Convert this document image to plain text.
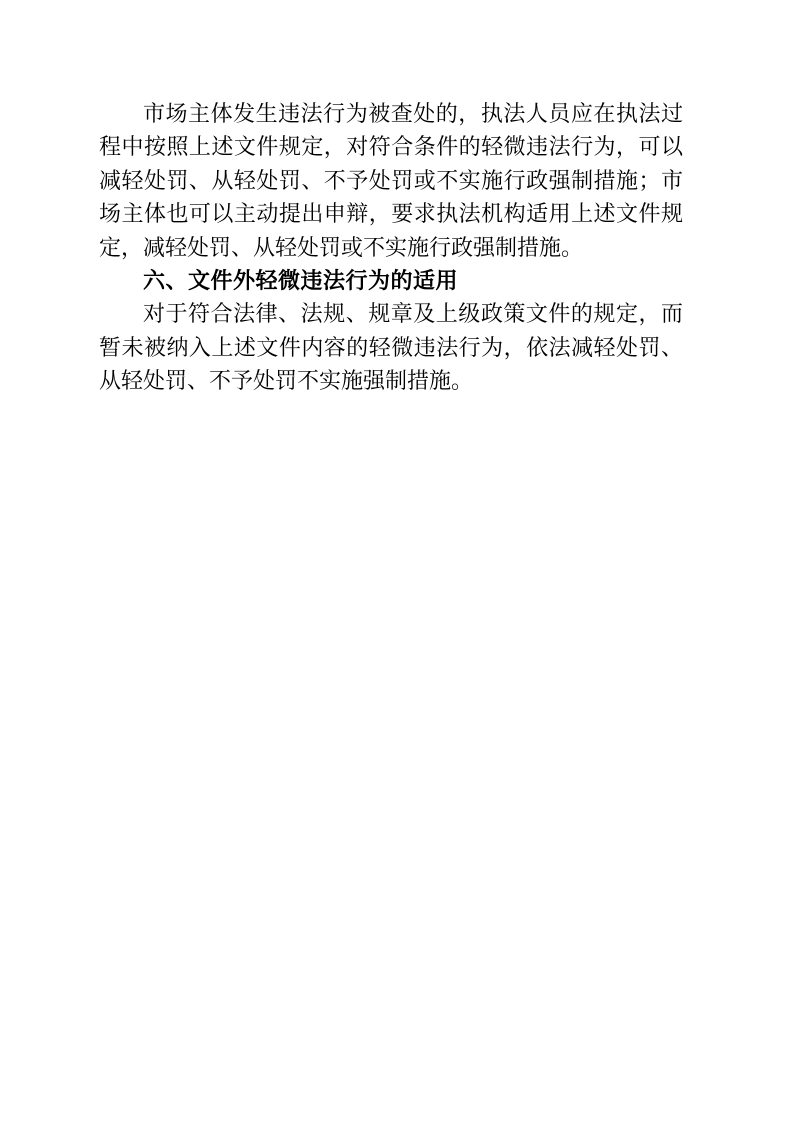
市场主体发生违法行为被查处的，执法人员应在执法过
程中按照上述文件规定，对符合条件的轻微违法行为，可以
减轻处罚、从轻处罚、不予处罚或不实施行政强制措施；市
场主体也可以主动提出申辩，要求执法机构适用上述文件规
定，减轻处罚、从轻处罚或不实施行政强制措施。
六、文件外轻微违法行为的适用
对于符合法律、法规、规章及上级政策文件的规定，而
暂未被纳入上述文件内容的轻微违法行为，依法减轻处罚、
从轻处罚、不予处罚不实施强制措施。
